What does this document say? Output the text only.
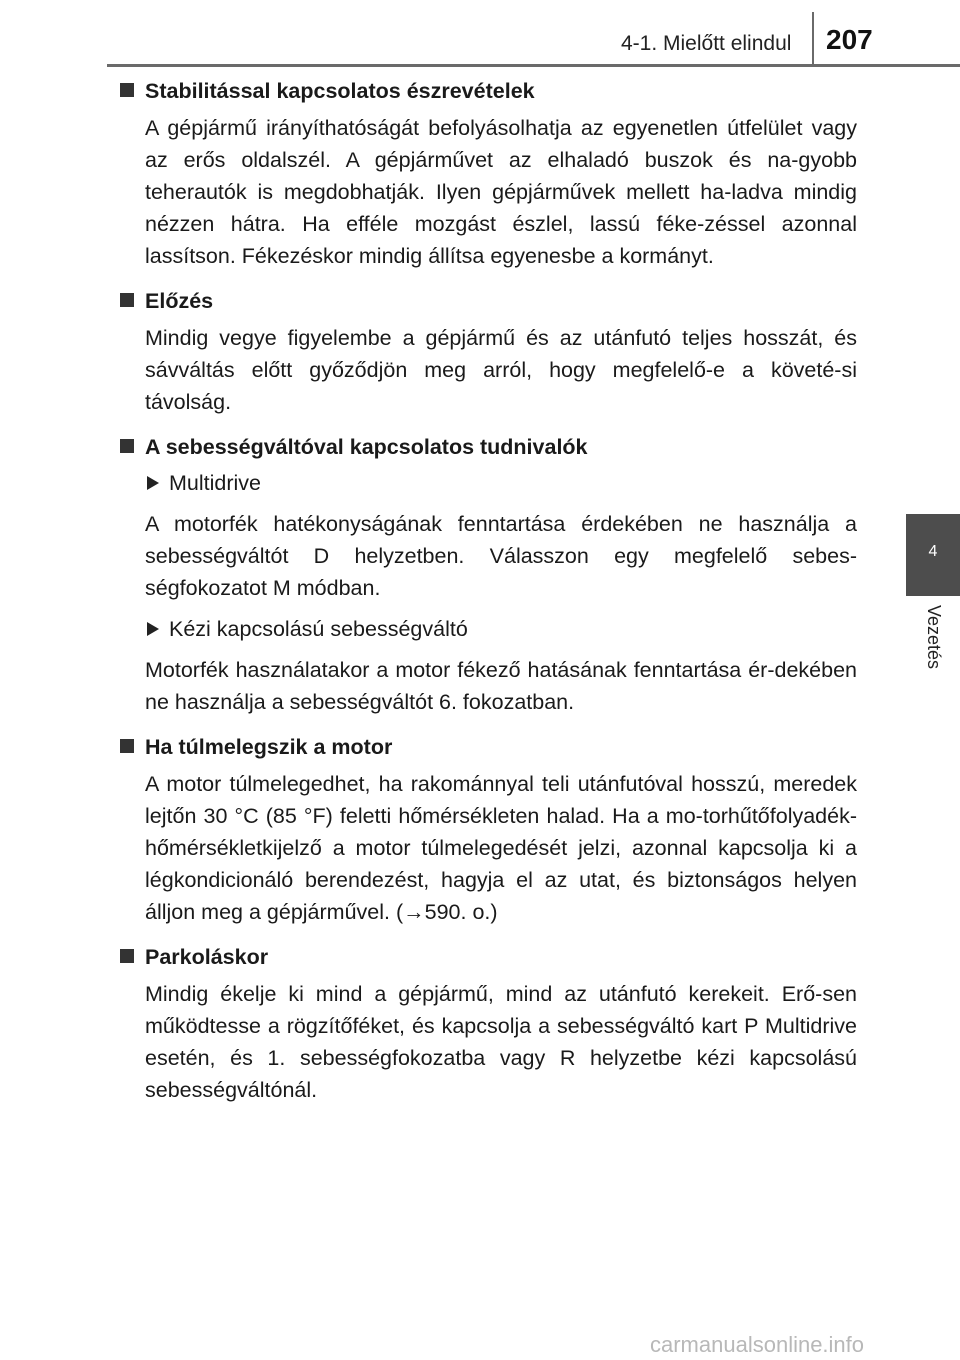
4-1. Mielőtt elindul 207
4
Vezetés
Stabilitással kapcsolatos észrevételek

A gépjármű irányíthatóságát befolyásolhatja az egyenetlen útfelület vagy az erős oldalszél. A gépjárművet az elhaladó buszok és na-gyobb teherautók is megdobhatják. Ilyen gépjárművek mellett ha-ladva mindig nézzen hátra. Ha efféle mozgást észlel, lassú féke-zéssel azonnal lassítson. Fékezéskor mindig állítsa egyenesbe a kormányt.

Előzés

Mindig vegye figyelembe a gépjármű és az utánfutó teljes hosszát, és sávváltás előtt győződjön meg arról, hogy megfelelő-e a követé-si távolság.

A sebességváltóval kapcsolatos tudnivalók
Multidrive

A motorfék hatékonyságának fenntartása érdekében ne használja a sebességváltót D helyzetben. Válasszon egy megfelelő sebes-ségfokozatot M módban.

Kézi kapcsolású sebességváltó

Motorfék használatakor a motor fékező hatásának fenntartása ér-dekében ne használja a sebességváltót 6. fokozatban.

Ha túlmelegszik a motor

A motor túlmelegedhet, ha rakománnyal teli utánfutóval hosszú, meredek lejtőn 30 °C (85 °F) feletti hőmérsékleten halad. Ha a mo-torhűtőfolyadék-hőmérsékletkijelző a motor túlmelegedését jelzi, azonnal kapcsolja ki a légkondicionáló berendezést, hagyja el az utat, és biztonságos helyen álljon meg a gépjárművel. (→590. o.)

Parkoláskor

Mindig ékelje ki mind a gépjármű, mind az utánfutó kerekeit. Erő-sen működtesse a rögzítőféket, és kapcsolja a sebességváltó kart P Multidrive esetén, és 1. sebességfokozatba vagy R helyzetbe kézi kapcsolású sebességváltónál.

carmanualsonline.info
